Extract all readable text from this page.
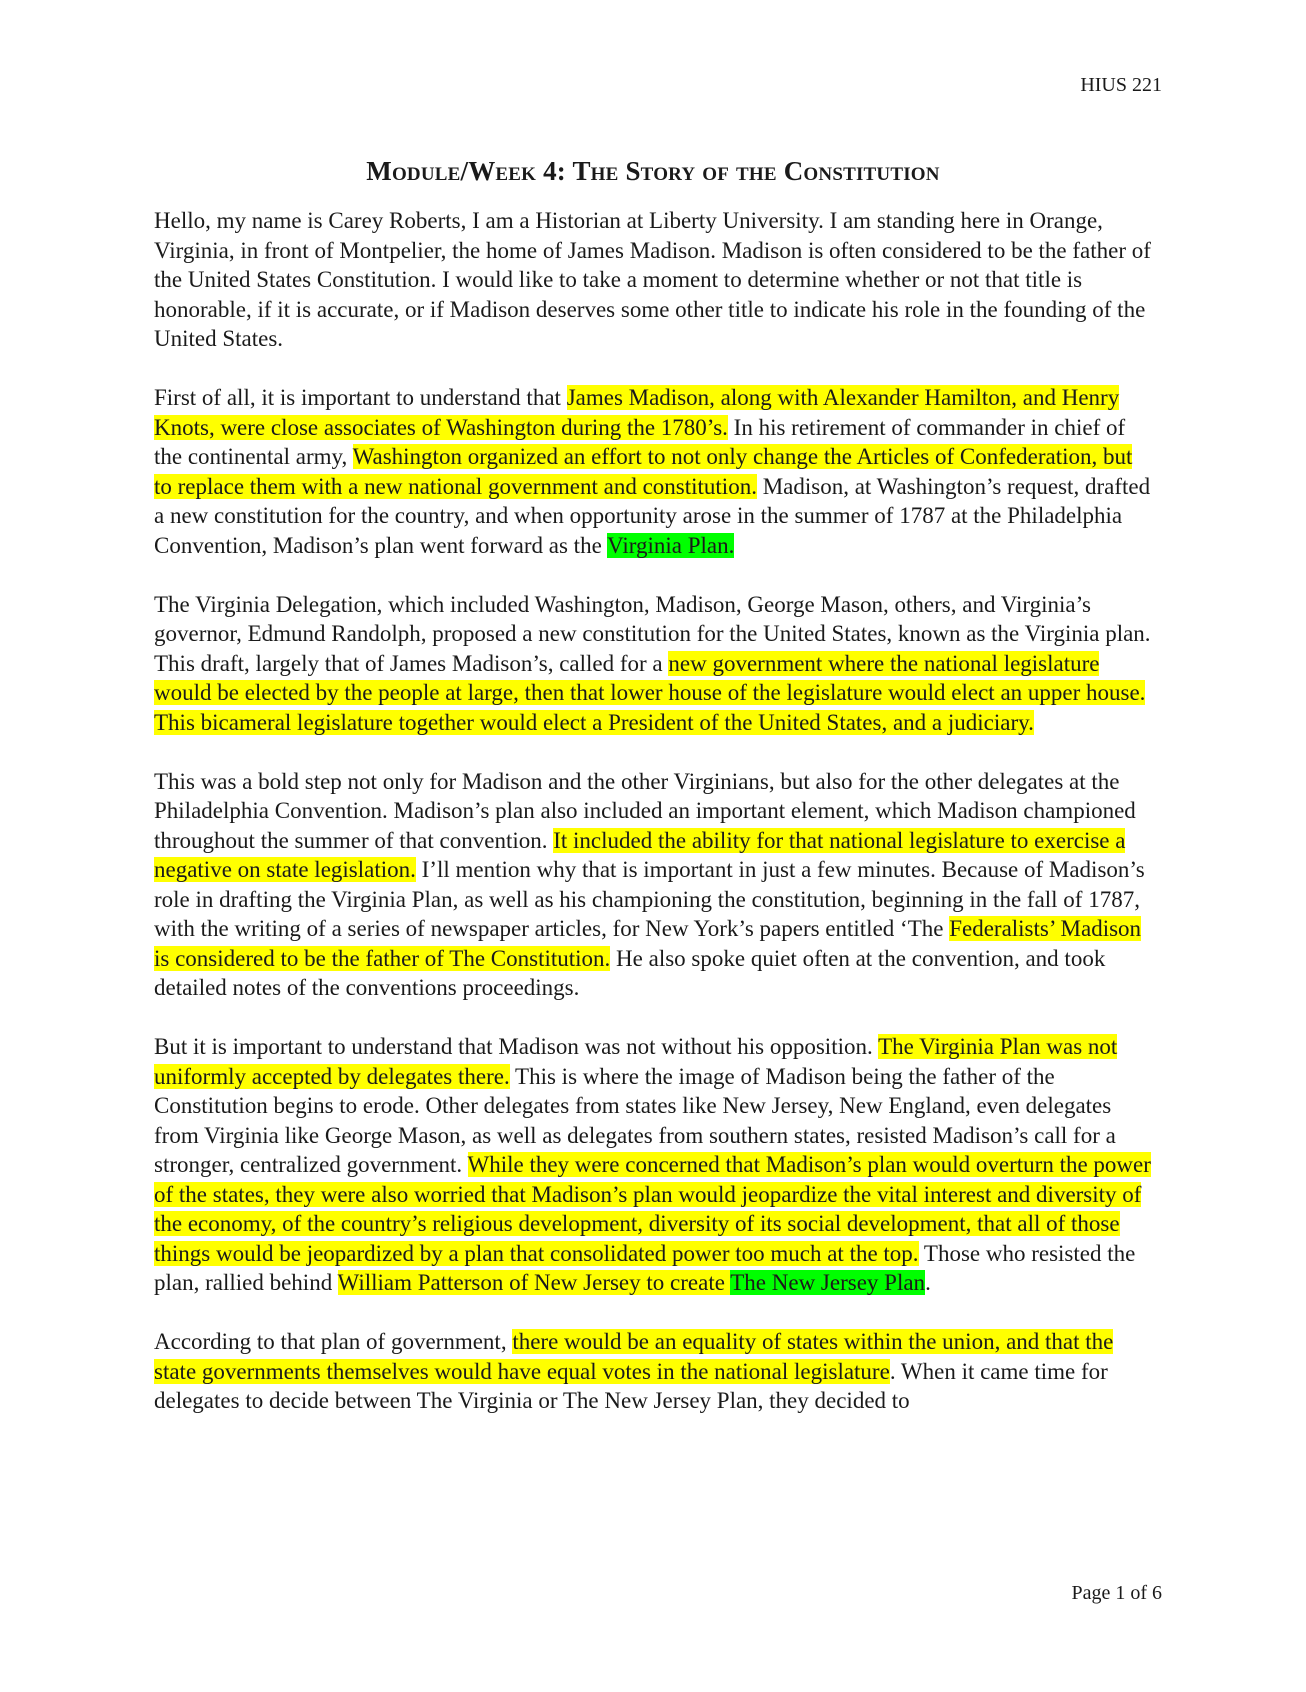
HIUS 221
Module/Week 4: The Story of the Constitution

Hello, my name is Carey Roberts, I am a Historian at Liberty University. I am standing here in Orange, Virginia, in front of Montpelier, the home of James Madison. Madison is often considered to be the father of the United States Constitution. I would like to take a moment to determine whether or not that title is honorable, if it is accurate, or if Madison deserves some other title to indicate his role in the founding of the United States.

First of all, it is important to understand that James Madison, along with Alexander Hamilton, and Henry Knots, were close associates of Washington during the 1780’s. In his retirement of commander in chief of the continental army, Washington organized an effort to not only change the Articles of Confederation, but to replace them with a new national government and constitution. Madison, at Washington’s request, drafted a new constitution for the country, and when opportunity arose in the summer of 1787 at the Philadelphia Convention, Madison’s plan went forward as the Virginia Plan.

The Virginia Delegation, which included Washington, Madison, George Mason, others, and Virginia’s governor, Edmund Randolph, proposed a new constitution for the United States, known as the Virginia plan. This draft, largely that of James Madison’s, called for a new government where the national legislature would be elected by the people at large, then that lower house of the legislature would elect an upper house. This bicameral legislature together would elect a President of the United States, and a judiciary.

This was a bold step not only for Madison and the other Virginians, but also for the other delegates at the Philadelphia Convention. Madison’s plan also included an important element, which Madison championed throughout the summer of that convention. It included the ability for that national legislature to exercise a negative on state legislation. I’ll mention why that is important in just a few minutes. Because of Madison’s role in drafting the Virginia Plan, as well as his championing the constitution, beginning in the fall of 1787, with the writing of a series of newspaper articles, for New York’s papers entitled ‘The Federalists’ Madison is considered to be the father of The Constitution. He also spoke quiet often at the convention, and took detailed notes of the conventions proceedings.

But it is important to understand that Madison was not without his opposition. The Virginia Plan was not uniformly accepted by delegates there. This is where the image of Madison being the father of the Constitution begins to erode. Other delegates from states like New Jersey, New England, even delegates from Virginia like George Mason, as well as delegates from southern states, resisted Madison’s call for a stronger, centralized government. While they were concerned that Madison’s plan would overturn the power of the states, they were also worried that Madison’s plan would jeopardize the vital interest and diversity of the economy, of the country’s religious development, diversity of its social development, that all of those things would be jeopardized by a plan that consolidated power too much at the top. Those who resisted the plan, rallied behind William Patterson of New Jersey to create The New Jersey Plan.

According to that plan of government, there would be an equality of states within the union, and that the state governments themselves would have equal votes in the national legislature. When it came time for delegates to decide between The Virginia or The New Jersey Plan, they decided to

Page 1 of 6
